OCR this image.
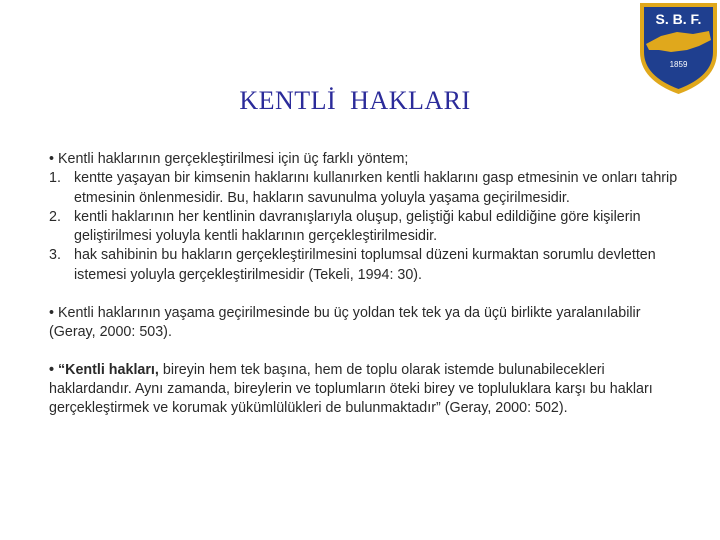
S. B. F.
1859
KENTLİ  HAKLARI

• Kentli haklarının gerçekleştirilmesi için üç farklı yöntem;

1. kentte yaşayan bir kimsenin haklarını kullanırken kentli haklarını gasp etmesinin ve onları tahrip etmesinin önlenmesidir. Bu, hakların savunulma yoluyla yaşama geçirilmesidir.
2. kentli haklarının her kentlinin davranışlarıyla oluşup, geliştiği kabul edildiğine göre kişilerin geliştirilmesi yoluyla kentli haklarının gerçekleştirilmesidir.
3. hak sahibinin bu hakların gerçekleştirilmesini toplumsal düzeni kurmaktan sorumlu devletten istemesi yoluyla gerçekleştirilmesidir (Tekeli, 1994: 30).

• Kentli haklarının yaşama geçirilmesinde bu üç yoldan tek tek ya da üçü birlikte yaralanılabilir (Geray, 2000: 503).

• “Kentli hakları, bireyin hem tek başına, hem de toplu olarak istemde bulunabilecekleri haklardandır. Aynı zamanda, bireylerin ve toplumların öteki birey ve topluluklara karşı bu hakları gerçekleştirmek ve korumak yükümlülükleri de bulunmaktadır” (Geray, 2000: 502).
